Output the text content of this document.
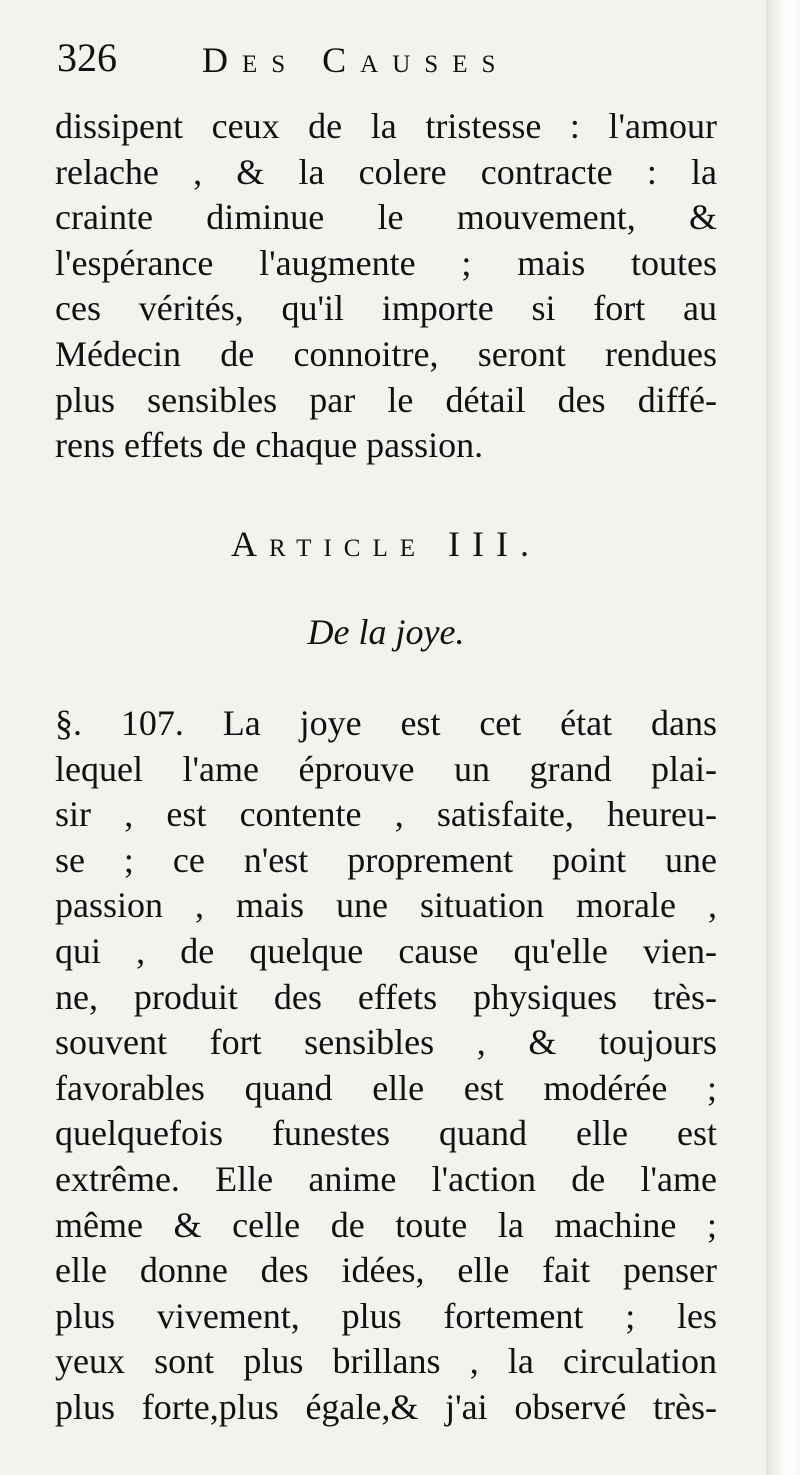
326 Des Causes
dissipent ceux de la tristesse : l'amour
relache , & la colere contracte : la
crainte diminue le mouvement, &
l'espérance l'augmente ; mais toutes
ces vérités, qu'il importe si fort au
Médecin de connoitre, seront rendues
plus sensibles par le détail des diffé-
rens effets de chaque passion.
Article III.
De la joye.
§. 107. La joye est cet état dans
lequel l'ame éprouve un grand plai-
sir , est contente , satisfaite, heureu-
se ; ce n'est proprement point une
passion , mais une situation morale ,
qui , de quelque cause qu'elle vien-
ne, produit des effets physiques très-
souvent fort sensibles , & toujours
favorables quand elle est modérée ;
quelquefois funestes quand elle est
extrême. Elle anime l'action de l'ame
même & celle de toute la machine ;
elle donne des idées, elle fait penser
plus vivement, plus fortement ; les
yeux sont plus brillans , la circulation
plus forte,plus égale,& j'ai observé très-
